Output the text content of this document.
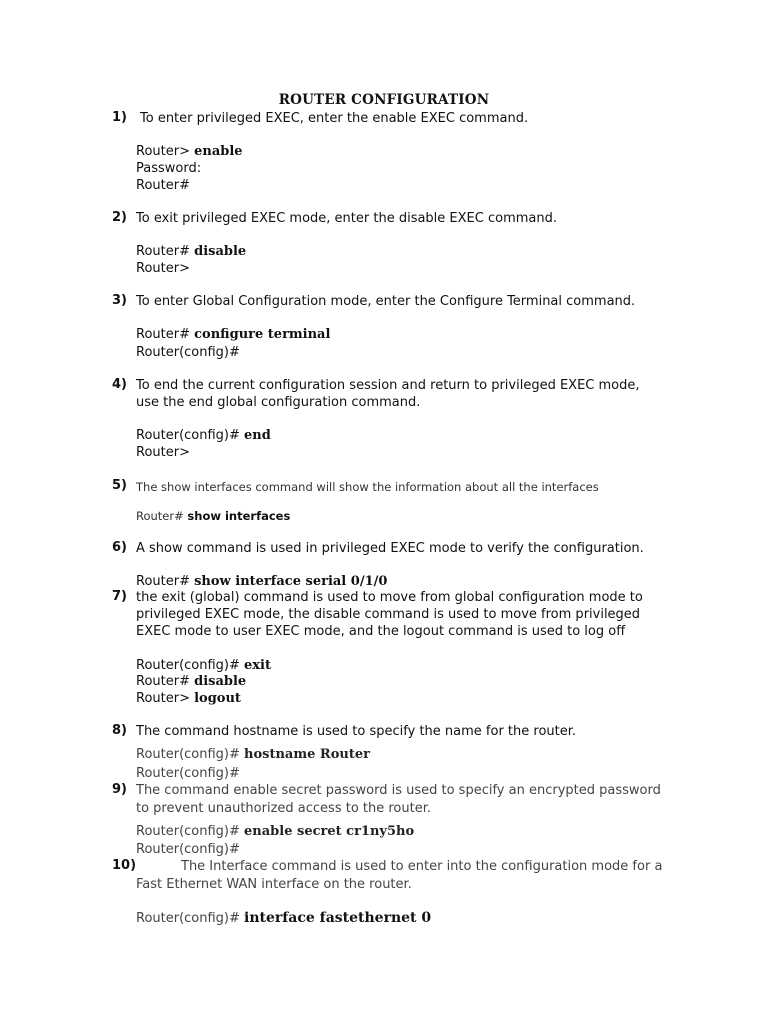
ROUTER CONFIGURATION
1) To enter privileged EXEC, enter the enable EXEC command.
Router> enable
Password:
Router#
2) To exit privileged EXEC mode, enter the disable EXEC command.
Router# disable
Router>
3) To enter Global Configuration mode, enter the Configure Terminal command.
Router# configure terminal
Router(config)#
4) To end the current configuration session and return to privileged EXEC mode,
use the end global configuration command.
Router(config)# end
Router>
5) The show interfaces command will show the information about all the interfaces
Router# show interfaces
6) A show command is used in privileged EXEC mode to verify the configuration.
Router# show interface serial 0/1/0
7) the exit (global) command is used to move from global configuration mode to
privileged EXEC mode, the disable command is used to move from privileged
EXEC mode to user EXEC mode, and the logout command is used to log off
Router(config)# exit
Router# disable
Router> logout
8) The command hostname is used to specify the name for the router.
Router(config)# hostname Router
Router(config)#
9) The command enable secret password is used to specify an encrypted password
to prevent unauthorized access to the router.
Router(config)# enable secret cr1ny5ho
Router(config)#
10)	The Interface command is used to enter into the configuration mode for a
Fast Ethernet WAN interface on the router.
Router(config)# interface fastethernet 0
